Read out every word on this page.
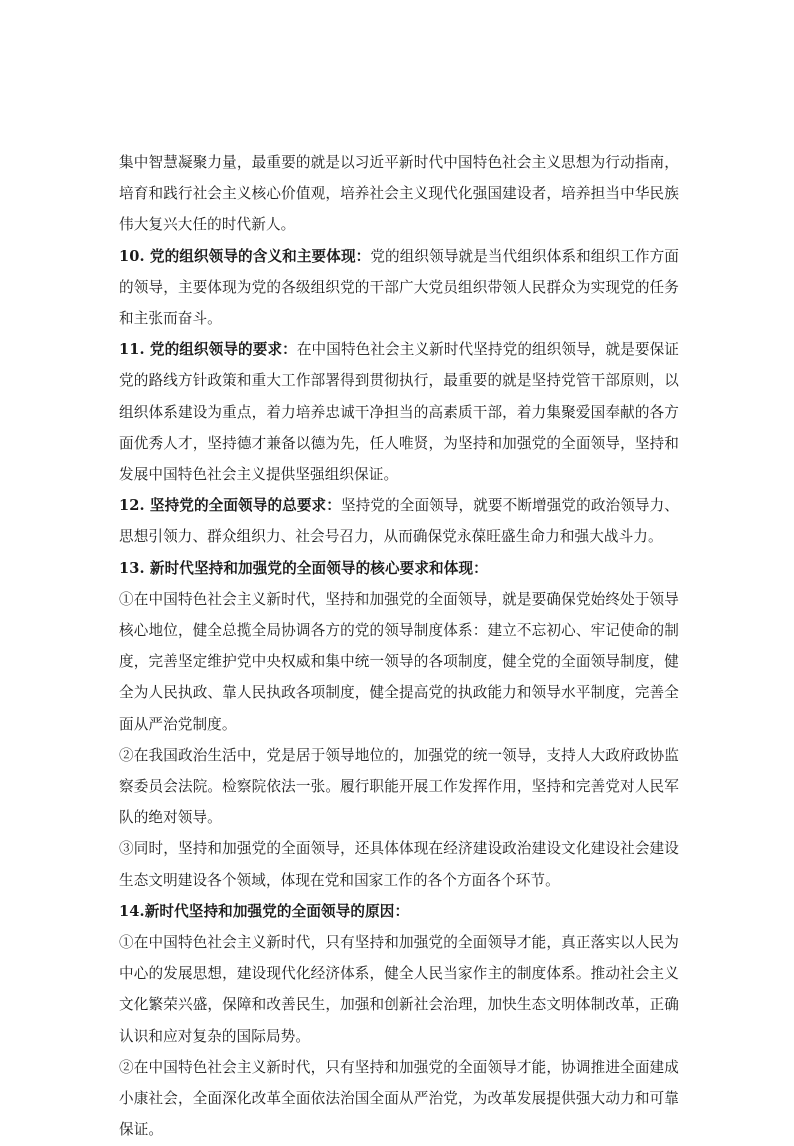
集中智慧凝聚力量，最重要的就是以习近平新时代中国特色社会主义思想为行动指南，培育和践行社会主义核心价值观，培养社会主义现代化强国建设者，培养担当中华民族伟大复兴大任的时代新人。

10. 党的组织领导的含义和主要体现：党的组织领导就是当代组织体系和组织工作方面的领导，主要体现为党的各级组织党的干部广大党员组织带领人民群众为实现党的任务和主张而奋斗。

11. 党的组织领导的要求：在中国特色社会主义新时代坚持党的组织领导，就是要保证党的路线方针政策和重大工作部署得到贯彻执行，最重要的就是坚持党管干部原则，以组织体系建设为重点，着力培养忠诚干净担当的高素质干部，着力集聚爱国奉献的各方面优秀人才，坚持德才兼备以德为先，任人唯贤，为坚持和加强党的全面领导，坚持和发展中国特色社会主义提供坚强组织保证。

12. 坚持党的全面领导的总要求：坚持党的全面领导，就要不断增强党的政治领导力、思想引领力、群众组织力、社会号召力，从而确保党永葆旺盛生命力和强大战斗力。

13. 新时代坚持和加强党的全面领导的核心要求和体现：

①在中国特色社会主义新时代，坚持和加强党的全面领导，就是要确保党始终处于领导核心地位，健全总揽全局协调各方的党的领导制度体系：建立不忘初心、牢记使命的制度，完善坚定维护党中央权威和集中统一领导的各项制度，健全党的全面领导制度，健全为人民执政、靠人民执政各项制度，健全提高党的执政能力和领导水平制度，完善全面从严治党制度。

②在我国政治生活中，党是居于领导地位的，加强党的统一领导，支持人大政府政协监察委员会法院。检察院依法一张。履行职能开展工作发挥作用，坚持和完善党对人民军队的绝对领导。

③同时，坚持和加强党的全面领导，还具体体现在经济建设政治建设文化建设社会建设生态文明建设各个领域，体现在党和国家工作的各个方面各个环节。

14.新时代坚持和加强党的全面领导的原因：

①在中国特色社会主义新时代，只有坚持和加强党的全面领导才能，真正落实以人民为中心的发展思想，建设现代化经济体系，健全人民当家作主的制度体系。推动社会主义文化繁荣兴盛，保障和改善民生，加强和创新社会治理，加快生态文明体制改革，正确认识和应对复杂的国际局势。

②在中国特色社会主义新时代，只有坚持和加强党的全面领导才能，协调推进全面建成小康社会，全面深化改革全面依法治国全面从严治党，为改革发展提供强大动力和可靠保证。
